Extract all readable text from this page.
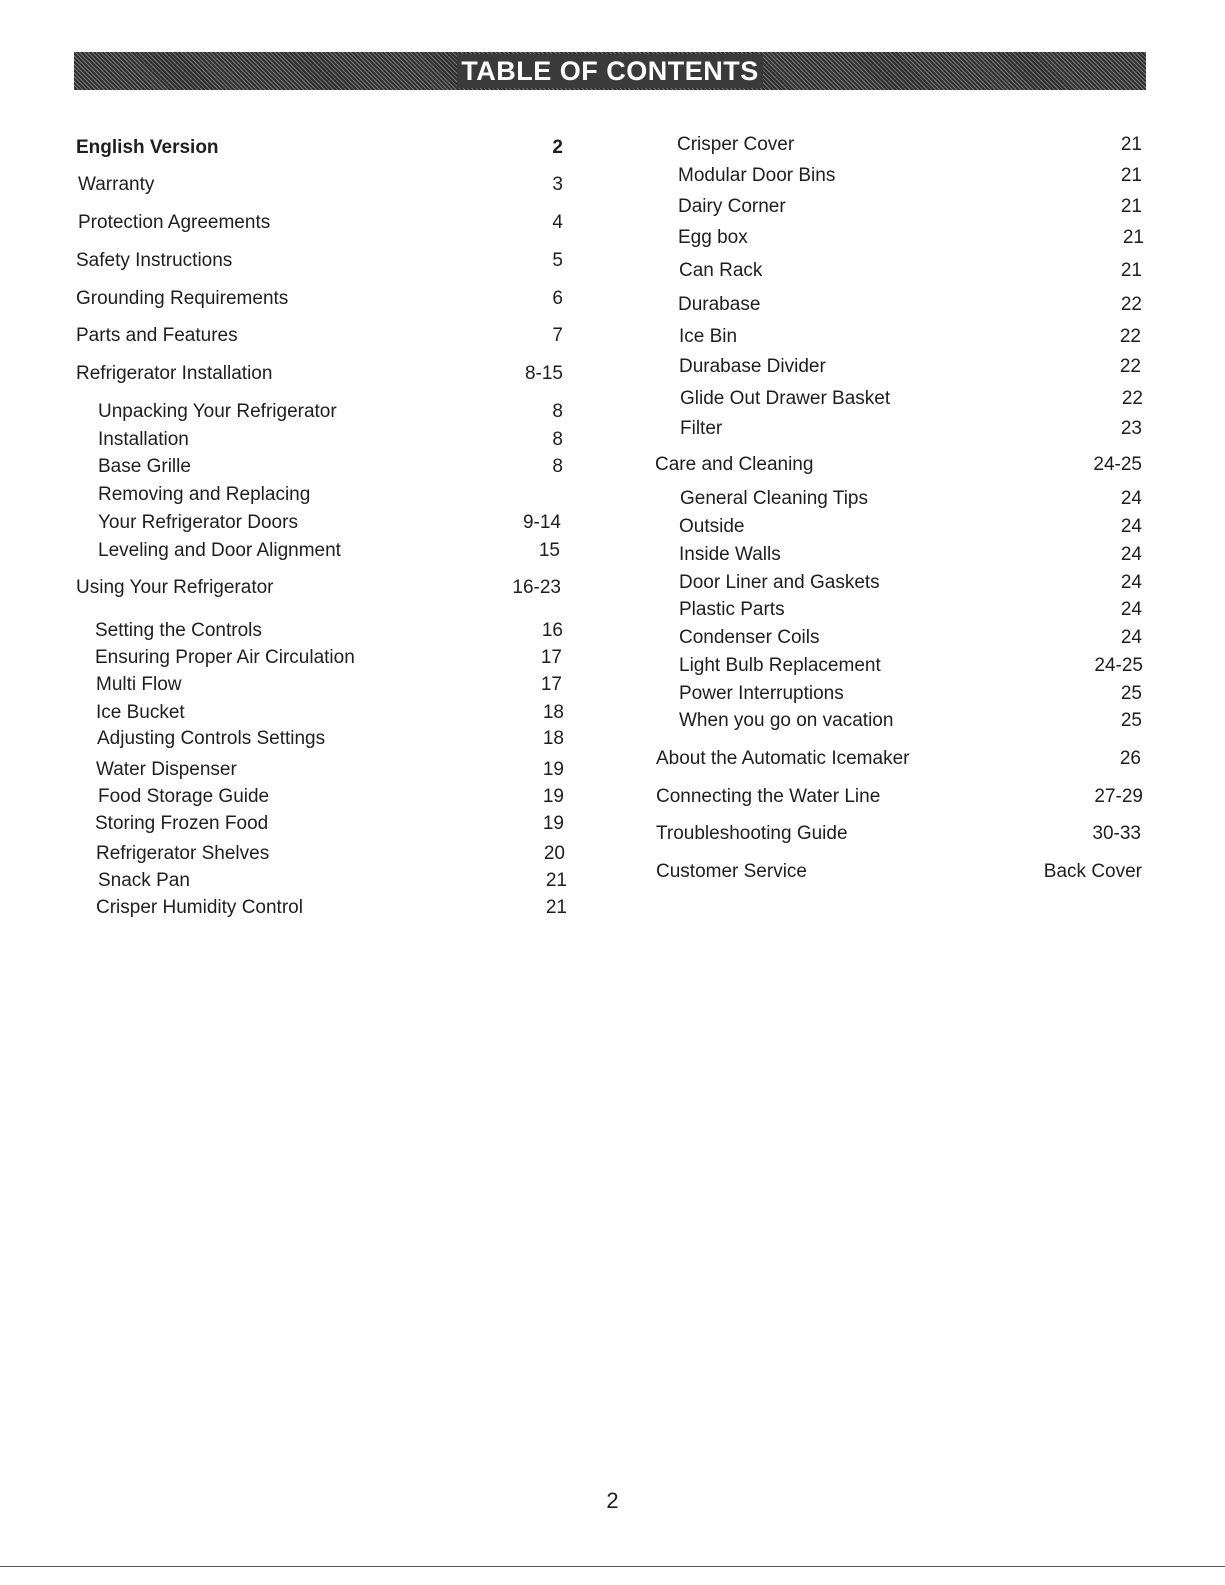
TABLE OF CONTENTS
English Version	2
Warranty	3
Protection Agreements	4
Safety Instructions	5
Grounding Requirements	6
Parts and Features	7
Refrigerator Installation	8-15
Unpacking Your Refrigerator	8
Installation	8
Base Grille	8
Removing and Replacing
Your Refrigerator Doors	9-14
Leveling and Door Alignment	15
Using Your Refrigerator	16-23
Setting the Controls	16
Ensuring Proper Air Circulation	17
Multi Flow	17
Ice Bucket	18
Adjusting Controls Settings	18
Water Dispenser	19
Food Storage Guide	19
Storing Frozen Food	19
Refrigerator Shelves	20
Snack Pan	21
Crisper Humidity Control	21
Crisper Cover	21
Modular Door Bins	21
Dairy Corner	21
Egg box	21
Can Rack	21
Durabase	22
Ice Bin	22
Durabase Divider	22
Glide Out Drawer Basket	22
Filter	23
Care and Cleaning	24-25
General Cleaning Tips	24
Outside	24
Inside Walls	24
Door Liner and Gaskets	24
Plastic Parts	24
Condenser Coils	24
Light Bulb Replacement	24-25
Power Interruptions	25
When you go on vacation	25
About the Automatic Icemaker	26
Connecting the Water Line	27-29
Troubleshooting Guide	30-33
Customer Service	Back Cover
2
